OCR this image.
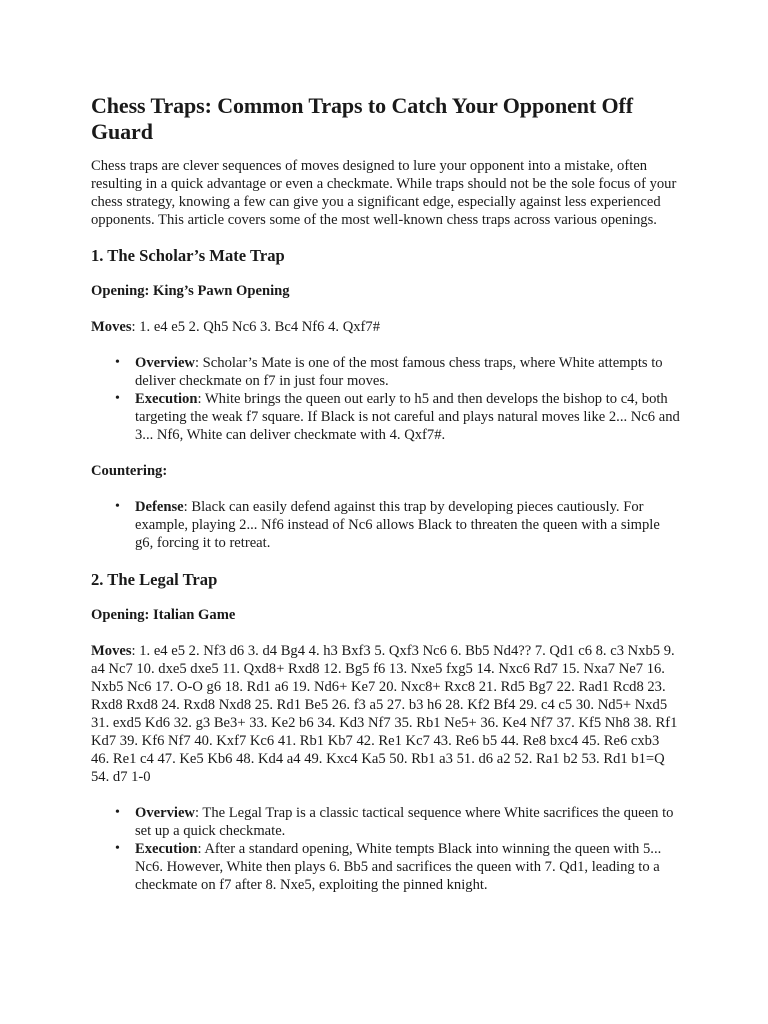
Chess Traps: Common Traps to Catch Your Opponent Off Guard

Chess traps are clever sequences of moves designed to lure your opponent into a mistake, often resulting in a quick advantage or even a checkmate. While traps should not be the sole focus of your chess strategy, knowing a few can give you a significant edge, especially against less experienced opponents. This article covers some of the most well-known chess traps across various openings.

1. The Scholar’s Mate Trap

Opening: King’s Pawn Opening

Moves: 1. e4 e5 2. Qh5 Nc6 3. Bc4 Nf6 4. Qxf7#

• Overview: Scholar’s Mate is one of the most famous chess traps, where White attempts to deliver checkmate on f7 in just four moves.
• Execution: White brings the queen out early to h5 and then develops the bishop to c4, both targeting the weak f7 square. If Black is not careful and plays natural moves like 2... Nc6 and 3... Nf6, White can deliver checkmate with 4. Qxf7#.

Countering:

• Defense: Black can easily defend against this trap by developing pieces cautiously. For example, playing 2... Nf6 instead of Nc6 allows Black to threaten the queen with a simple g6, forcing it to retreat.
2. The Legal Trap

Opening: Italian Game

Moves: 1. e4 e5 2. Nf3 d6 3. d4 Bg4 4. h3 Bxf3 5. Qxf3 Nc6 6. Bb5 Nd4?? 7. Qd1 c6 8. c3 Nxb5 9. a4 Nc7 10. dxe5 dxe5 11. Qxd8+ Rxd8 12. Bg5 f6 13. Nxe5 fxg5 14. Nxc6 Rd7 15. Nxa7 Ne7 16. Nxb5 Nc6 17. O-O g6 18. Rd1 a6 19. Nd6+ Ke7 20. Nxc8+ Rxc8 21. Rd5 Bg7 22. Rad1 Rcd8 23. Rxd8 Rxd8 24. Rxd8 Nxd8 25. Rd1 Be5 26. f3 a5 27. b3 h6 28. Kf2 Bf4 29. c4 c5 30. Nd5+ Nxd5 31. exd5 Kd6 32. g3 Be3+ 33. Ke2 b6 34. Kd3 Nf7 35. Rb1 Ne5+ 36. Ke4 Nf7 37. Kf5 Nh8 38. Rf1 Kd7 39. Kf6 Nf7 40. Kxf7 Kc6 41. Rb1 Kb7 42. Re1 Kc7 43. Re6 b5 44. Re8 bxc4 45. Re6 cxb3 46. Re1 c4 47. Ke5 Kb6 48. Kd4 a4 49. Kxc4 Ka5 50. Rb1 a3 51. d6 a2 52. Ra1 b2 53. Rd1 b1=Q 54. d7 1-0

• Overview: The Legal Trap is a classic tactical sequence where White sacrifices the queen to set up a quick checkmate.
• Execution: After a standard opening, White tempts Black into winning the queen with 5... Nc6. However, White then plays 6. Bb5 and sacrifices the queen with 7. Qd1, leading to a checkmate on f7 after 8. Nxe5, exploiting the pinned knight.
